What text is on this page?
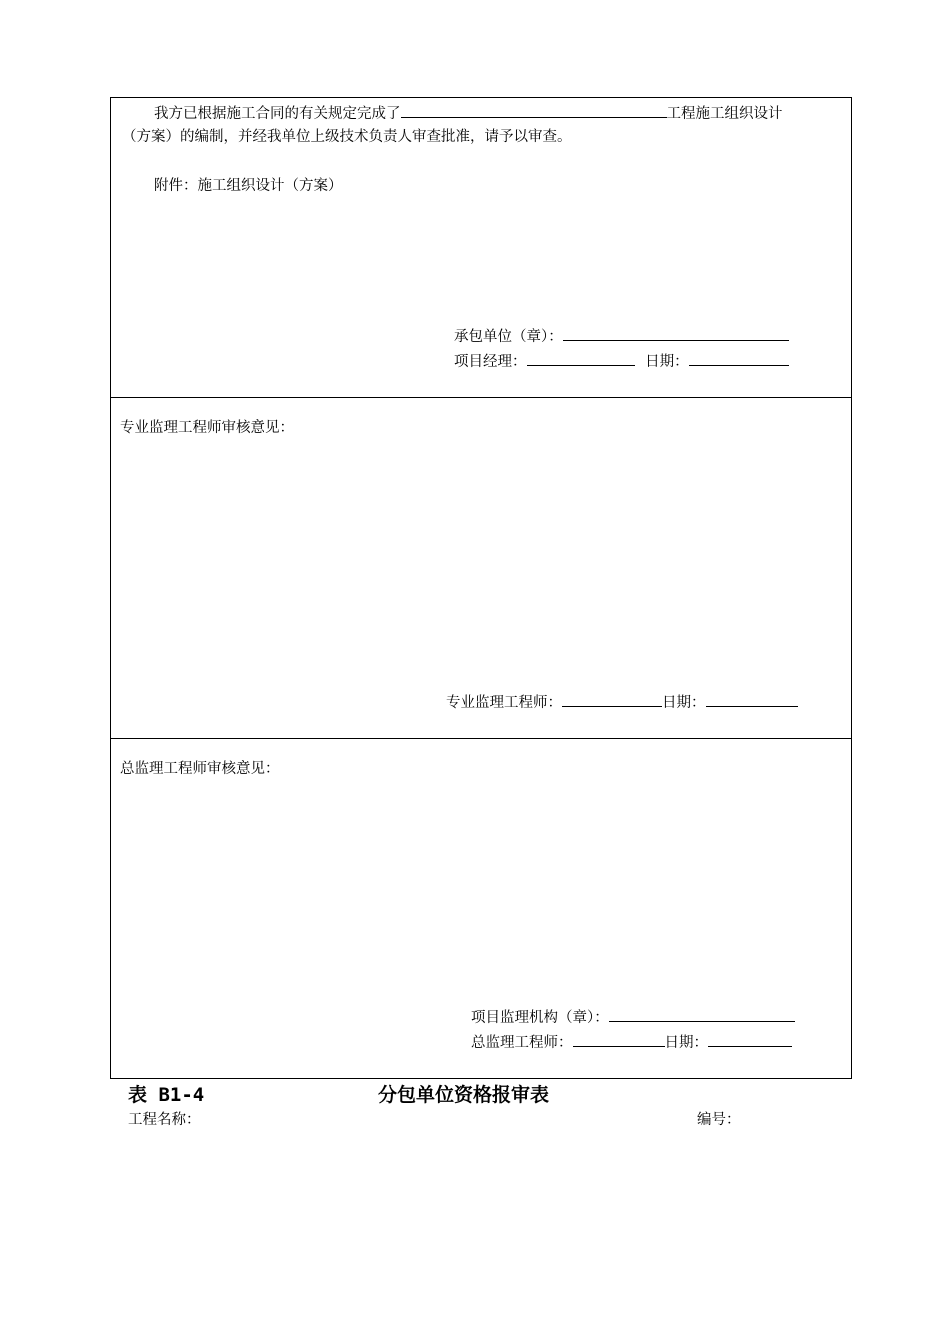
我方已根据施工合同的有关规定完成了	工程施工组织设计
（方案）的编制，并经我单位上级技术负责人审查批准，请予以审查。
附件：施工组织设计（方案）
承包单位（章）：
项目经理：	日期：
专业监理工程师审核意见：
专业监理工程师：	日期：
总监理工程师审核意见：
项目监理机构（章）：
总监理工程师：	日期：
表 B1-4	分包单位资格报审表
工程名称：	编号：
